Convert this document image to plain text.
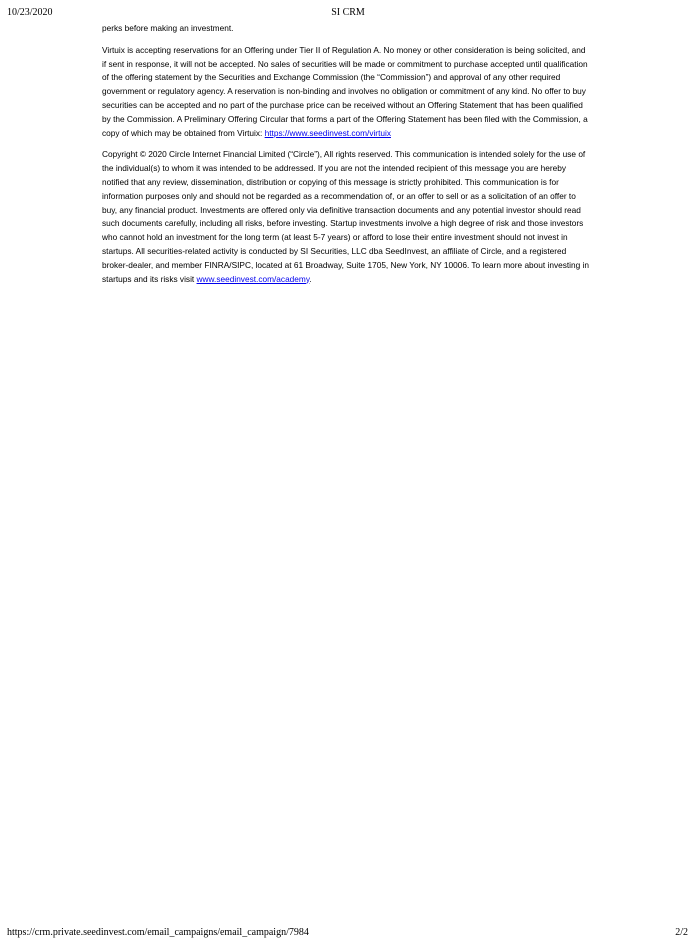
10/23/2020	SI CRM

perks before making an investment.

Virtuix is accepting reservations for an Offering under Tier II of Regulation A. No money or other consideration is being solicited, and if sent in response, it will not be accepted. No sales of securities will be made or commitment to purchase accepted until qualification of the offering statement by the Securities and Exchange Commission (the “Commission”) and approval of any other required government or regulatory agency. A reservation is non-binding and involves no obligation or commitment of any kind. No offer to buy securities can be accepted and no part of the purchase price can be received without an Offering Statement that has been qualified by the Commission. A Preliminary Offering Circular that forms a part of the Offering Statement has been filed with the Commission, a copy of which may be obtained from Virtuix: https://www.seedinvest.com/virtuix

Copyright © 2020 Circle Internet Financial Limited (“Circle”), All rights reserved. This communication is intended solely for the use of the individual(s) to whom it was intended to be addressed. If you are not the intended recipient of this message you are hereby notified that any review, dissemination, distribution or copying of this message is strictly prohibited. This communication is for information purposes only and should not be regarded as a recommendation of, or an offer to sell or as a solicitation of an offer to buy, any financial product. Investments are offered only via definitive transaction documents and any potential investor should read such documents carefully, including all risks, before investing. Startup investments involve a high degree of risk and those investors who cannot hold an investment for the long term (at least 5-7 years) or afford to lose their entire investment should not invest in startups. All securities-related activity is conducted by SI Securities, LLC dba SeedInvest, an affiliate of Circle, and a registered broker-dealer, and member FINRA/SIPC, located at 61 Broadway, Suite 1705, New York, NY 10006. To learn more about investing in startups and its risks visit www.seedinvest.com/academy.

https://crm.private.seedinvest.com/email_campaigns/email_campaign/7984	2/2
